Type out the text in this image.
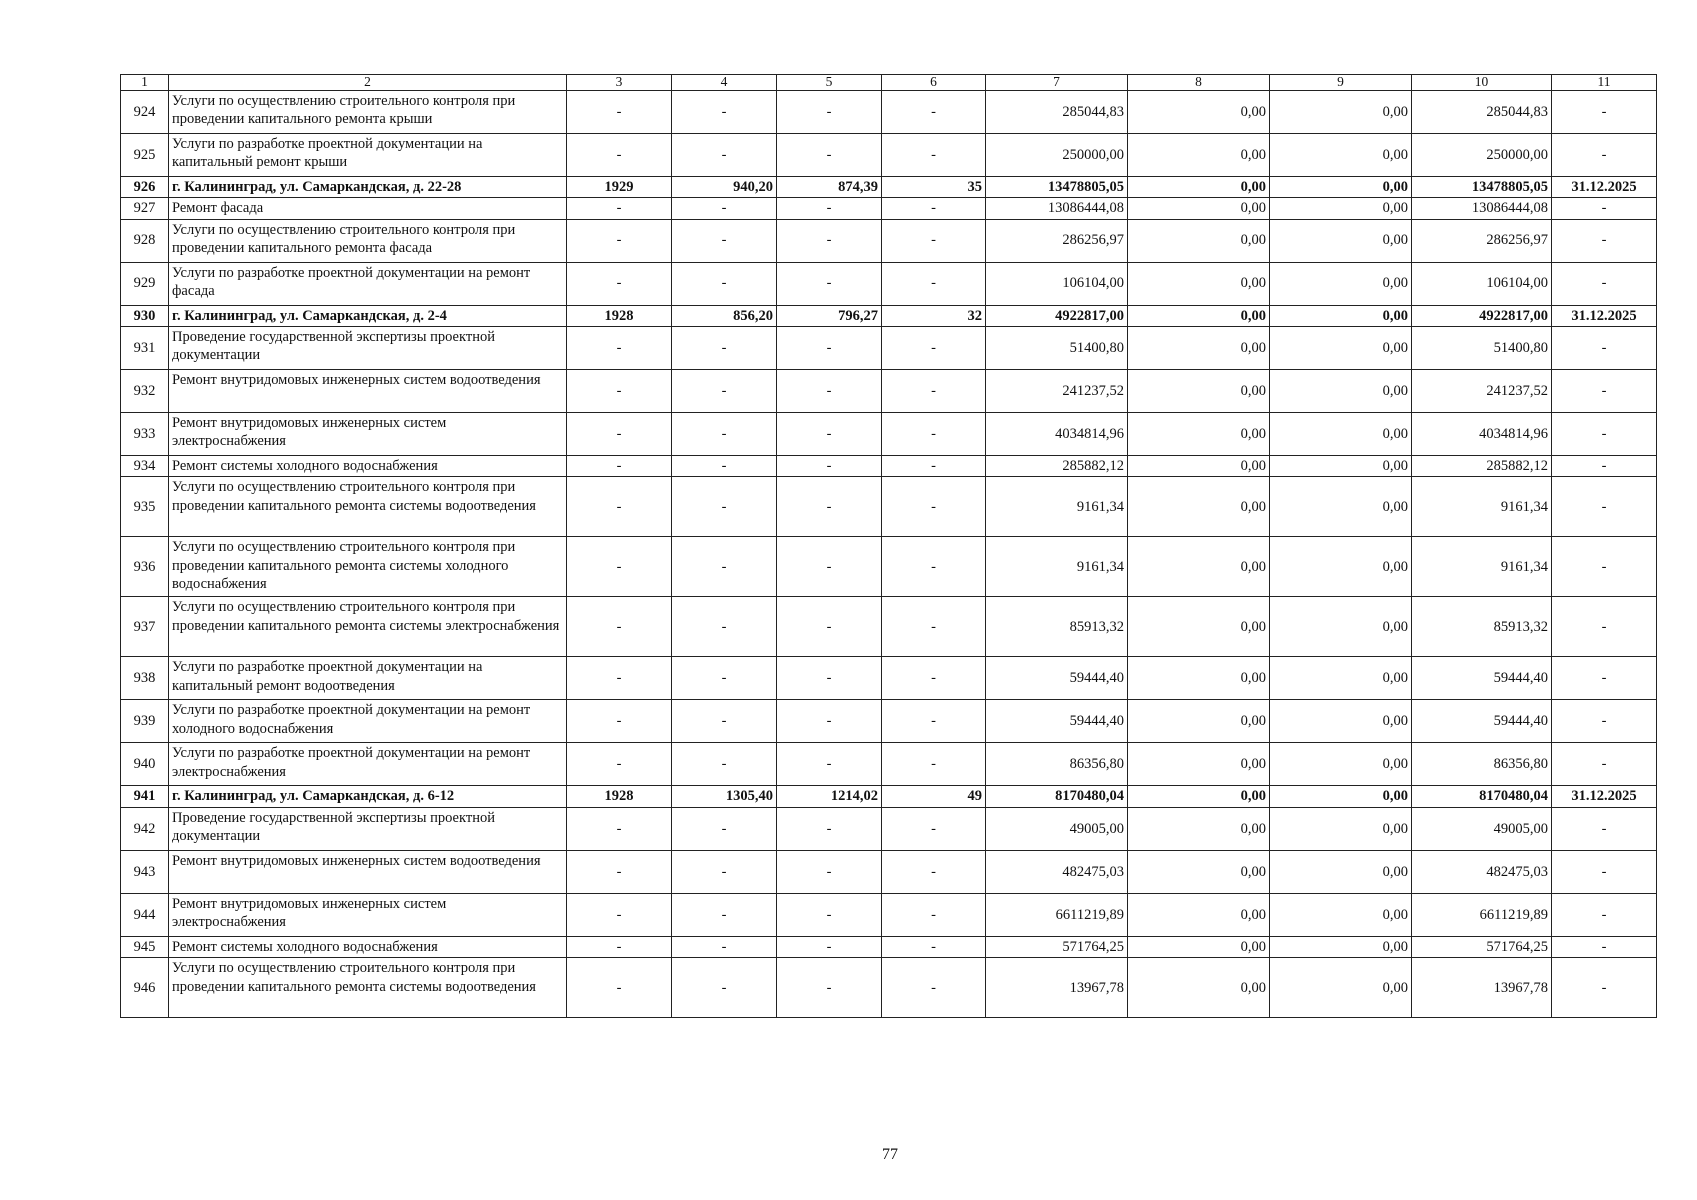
1	2	3	4	5	6	7	8	9	10	11
924	Услуги по осуществлению строительного контроля при проведении капитального ремонта крыши	-	-	-	-	285044,83	0,00	0,00	285044,83	-
925	Услуги по разработке проектной документации на капитальный ремонт крыши	-	-	-	-	250000,00	0,00	0,00	250000,00	-
926	г. Калининград, ул. Самаркандская, д. 22-28	1929	940,20	874,39	35	13478805,05	0,00	0,00	13478805,05	31.12.2025
927	Ремонт фасада	-	-	-	-	13086444,08	0,00	0,00	13086444,08	-
928	Услуги по осуществлению строительного контроля при проведении капитального ремонта фасада	-	-	-	-	286256,97	0,00	0,00	286256,97	-
929	Услуги по разработке проектной документации на ремонт фасада	-	-	-	-	106104,00	0,00	0,00	106104,00	-
930	г. Калининград, ул. Самаркандская, д. 2-4	1928	856,20	796,27	32	4922817,00	0,00	0,00	4922817,00	31.12.2025
931	Проведение государственной экспертизы проектной документации	-	-	-	-	51400,80	0,00	0,00	51400,80	-
932	Ремонт внутридомовых инженерных систем водоотведения	-	-	-	-	241237,52	0,00	0,00	241237,52	-
933	Ремонт внутридомовых инженерных систем электроснабжения	-	-	-	-	4034814,96	0,00	0,00	4034814,96	-
934	Ремонт системы холодного водоснабжения	-	-	-	-	285882,12	0,00	0,00	285882,12	-
935	Услуги по осуществлению строительного контроля при проведении капитального ремонта системы водоотведения	-	-	-	-	9161,34	0,00	0,00	9161,34	-
936	Услуги по осуществлению строительного контроля при проведении капитального ремонта системы холодного водоснабжения	-	-	-	-	9161,34	0,00	0,00	9161,34	-
937	Услуги по осуществлению строительного контроля при проведении капитального ремонта системы электроснабжения	-	-	-	-	85913,32	0,00	0,00	85913,32	-
938	Услуги по разработке проектной документации на капитальный ремонт водоотведения	-	-	-	-	59444,40	0,00	0,00	59444,40	-
939	Услуги по разработке проектной документации на ремонт холодного водоснабжения	-	-	-	-	59444,40	0,00	0,00	59444,40	-
940	Услуги по разработке проектной документации на ремонт электроснабжения	-	-	-	-	86356,80	0,00	0,00	86356,80	-
941	г. Калининград, ул. Самаркандская, д. 6-12	1928	1305,40	1214,02	49	8170480,04	0,00	0,00	8170480,04	31.12.2025
942	Проведение государственной экспертизы проектной документации	-	-	-	-	49005,00	0,00	0,00	49005,00	-
943	Ремонт внутридомовых инженерных систем водоотведения	-	-	-	-	482475,03	0,00	0,00	482475,03	-
944	Ремонт внутридомовых инженерных систем электроснабжения	-	-	-	-	6611219,89	0,00	0,00	6611219,89	-
945	Ремонт системы холодного водоснабжения	-	-	-	-	571764,25	0,00	0,00	571764,25	-
946	Услуги по осуществлению строительного контроля при проведении капитального ремонта системы водоотведения	-	-	-	-	13967,78	0,00	0,00	13967,78	-
77
